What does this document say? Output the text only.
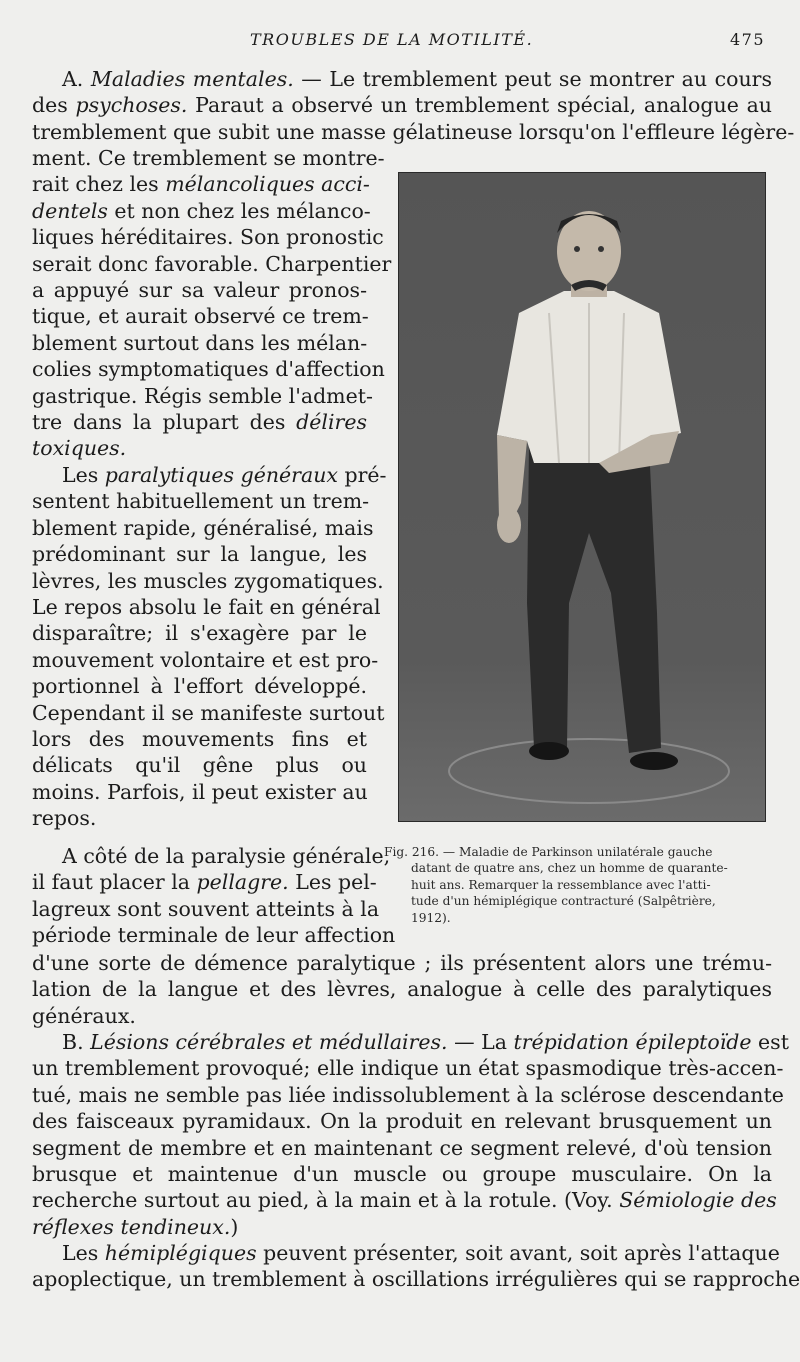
TROUBLES DE LA MOTILITÉ.	475
A. Maladies mentales. — Le tremblement peut se montrer au cours
des psychoses. Paraut a observé un tremblement spécial, analogue au
tremblement que subit une masse gélatineuse lorsqu'on l'effleure légère-
ment. Ce tremblement se montre-
rait chez les mélancoliques acci-
dentels et non chez les mélanco-
liques héréditaires. Son pronostic
serait donc favorable. Charpentier
a appuyé sur sa valeur pronos-
tique, et aurait observé ce trem-
blement surtout dans les mélan-
colies symptomatiques d'affection
gastrique. Régis semble l'admet-
tre dans la plupart des délires
toxiques.
Les paralytiques généraux pré-
sentent habituellement un trem-
blement rapide, généralisé, mais
prédominant sur la langue, les
lèvres, les muscles zygomatiques.
Le repos absolu le fait en général
disparaître; il s'exagère par le
mouvement volontaire et est pro-
portionnel à l'effort développé.
Cependant il se manifeste surtout
lors des mouvements fins et
délicats qu'il gêne plus ou
moins. Parfois, il peut exister au
repos.
A côté de la paralysie générale,
il faut placer la pellagre. Les pel-
lagreux sont souvent atteints à la
période terminale de leur affection
Fig. 216. — Maladie de Parkinson unilatérale gauche
datant de quatre ans, chez un homme de quarante-
huit ans. Remarquer la ressemblance avec l'atti-
tude d'un hémiplégique contracturé (Salpêtrière,
1912).
d'une sorte de démence paralytique ; ils présentent alors une trému-
lation de la langue et des lèvres, analogue à celle des paralytiques
généraux.
B. Lésions cérébrales et médullaires. — La trépidation épileptoïde est
un tremblement provoqué; elle indique un état spasmodique très-accen-
tué, mais ne semble pas liée indissolublement à la sclérose descendante
des faisceaux pyramidaux. On la produit en relevant brusquement un
segment de membre et en maintenant ce segment relevé, d'où tension
brusque et maintenue d'un muscle ou groupe musculaire. On la
recherche surtout au pied, à la main et à la rotule. (Voy. Sémiologie des
réflexes tendineux.)
Les hémiplégiques peuvent présenter, soit avant, soit après l'attaque
apoplectique, un tremblement à oscillations irrégulières qui se rapproche
